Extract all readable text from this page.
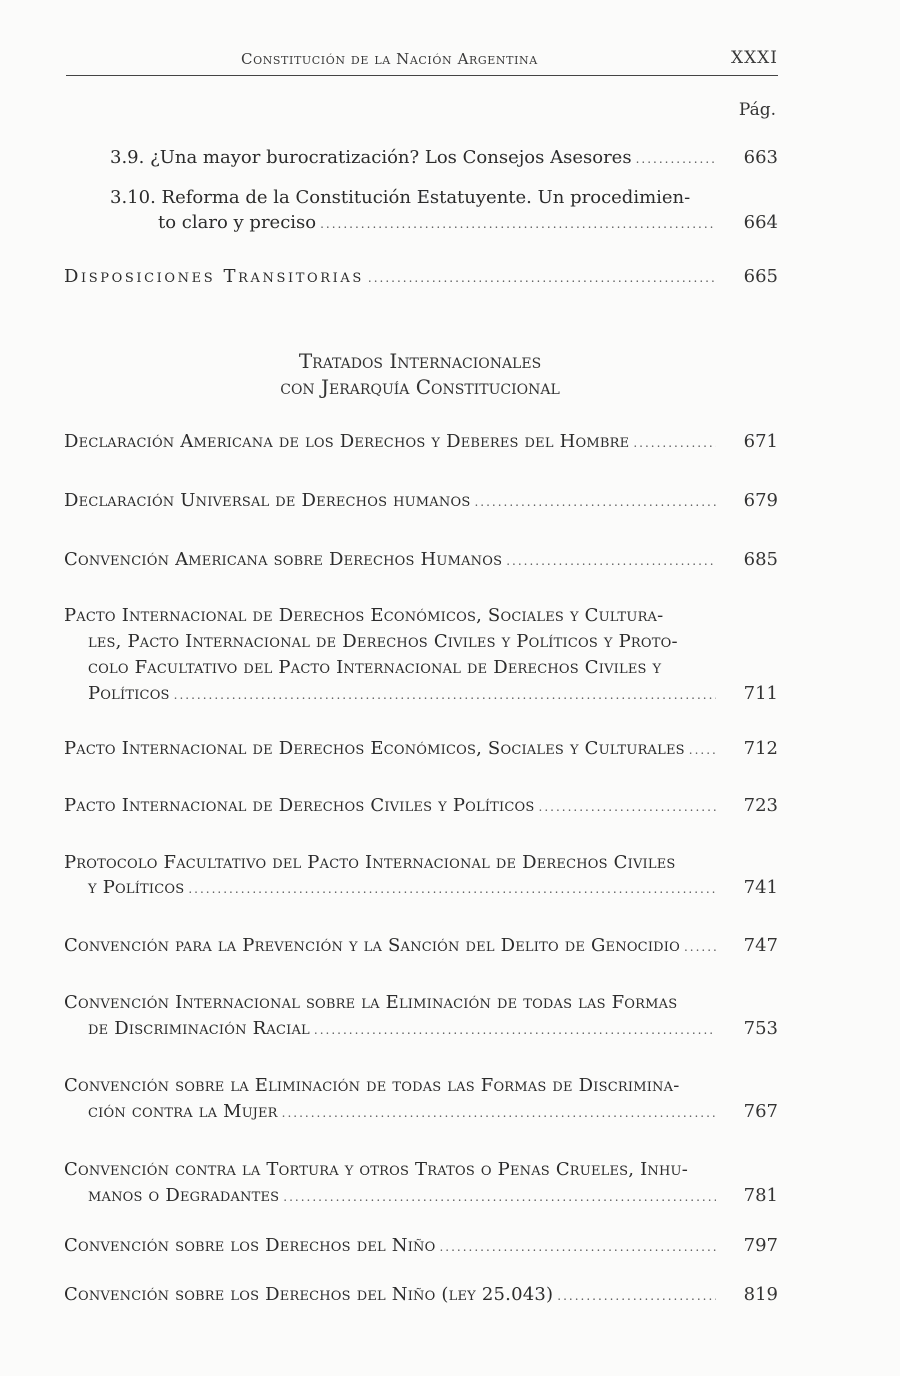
Constitución de la Nación Argentina	XXXI
Pág.
3.9. ¿Una mayor burocratización? Los Consejos Asesores .....	663
3.10. Reforma de la Constitución Estatuyente. Un procedimien-
to claro y preciso .....	664
Disposiciones Transitorias .....	665
Tratados Internacionales
con Jerarquía Constitucional
Declaración Americana de los Derechos y Deberes del Hombre .....	671
Declaración Universal de Derechos humanos .....	679
Convención Americana sobre Derechos Humanos .....	685
Pacto Internacional de Derechos Económicos, Sociales y Cultura-
les, Pacto Internacional de Derechos Civiles y Políticos y Proto-
colo Facultativo del Pacto Internacional de Derechos Civiles y
Políticos .....	711
Pacto Internacional de Derechos Económicos, Sociales y Culturales .....	712
Pacto Internacional de Derechos Civiles y Políticos .....	723
Protocolo Facultativo del Pacto Internacional de Derechos Civiles
y Políticos .....	741
Convención para la Prevención y la Sanción del Delito de Genocidio .....	747
Convención Internacional sobre la Eliminación de todas las Formas
de Discriminación Racial .....	753
Convención sobre la Eliminación de todas las Formas de Discrimina-
ción contra la Mujer .....	767
Convención contra la Tortura y otros Tratos o Penas Crueles, Inhu-
manos o Degradantes .....	781
Convención sobre los Derechos del Niño .....	797
Convención sobre los Derechos del Niño (ley 25.043) .....	819
